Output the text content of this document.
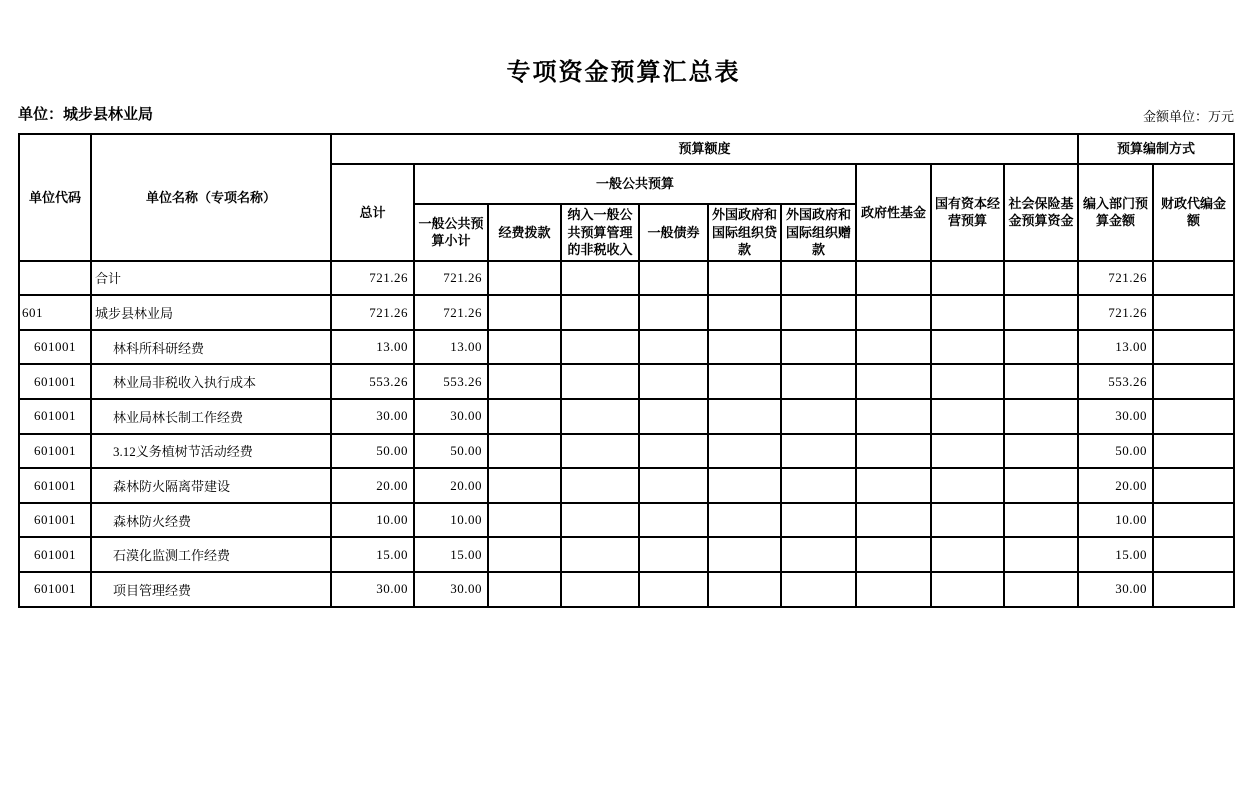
专项资金预算汇总表
单位：城步县林业局	金额单位：万元
单位代码	单位名称（专项名称）	预算额度										预算编制方式	
		总计	一般公共预算						政府性基金	国有资本经营预算	社会保险基金预算资金	编入部门预算金额	财政代编金额
			一般公共预算小计	经费拨款	纳入一般公共预算管理的非税收入	一般债券	外国政府和国际组织贷款	外国政府和国际组织赠款					
	合计	721.26	721.26									721.26	
601	城步县林业局	721.26	721.26									721.26	
601001	林科所科研经费	13.00	13.00									13.00	
601001	林业局非税收入执行成本	553.26	553.26									553.26	
601001	林业局林长制工作经费	30.00	30.00									30.00	
601001	3.12义务植树节活动经费	50.00	50.00									50.00	
601001	森林防火隔离带建设	20.00	20.00									20.00	
601001	森林防火经费	10.00	10.00									10.00	
601001	石漠化监测工作经费	15.00	15.00									15.00	
601001	项目管理经费	30.00	30.00									30.00	
